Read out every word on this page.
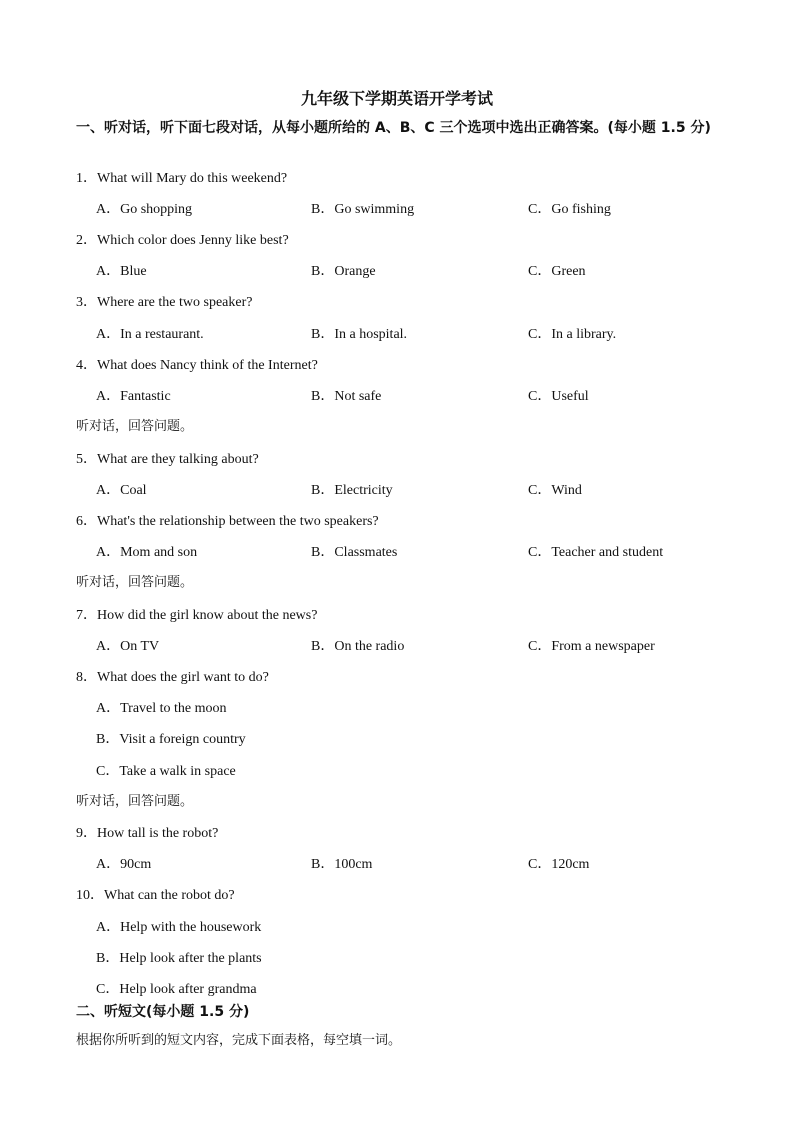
九年级下学期英语开学考试
一、听对话，听下面七段对话，从每小题所给的 A、B、C 三个选项中选出正确答案。(每小题 1.5 分)
1．What will Mary do this weekend?
A．Go shopping	B．Go swimming	C．Go fishing
2．Which color does Jenny like best?
A．Blue	B．Orange	C．Green
3．Where are the two speaker?
A．In a restaurant.	B．In a hospital.	C．In a library.
4．What does Nancy think of the Internet?
A．Fantastic	B．Not safe	C．Useful
听对话，回答问题。
5．What are they talking about?
A．Coal	B．Electricity	C．Wind
6．What's the relationship between the two speakers?
A．Mom and son	B．Classmates	C．Teacher and student
听对话，回答问题。
7．How did the girl know about the news?
A．On TV	B．On the radio	C．From a newspaper
8．What does the girl want to do?
A．Travel to the moon
B．Visit a foreign country
C．Take a walk in space
听对话，回答问题。
9．How tall is the robot?
A．90cm	B．100cm	C．120cm
10．What can the robot do?
A．Help with the housework
B．Help look after the plants
C．Help look after grandma
二、听短文(每小题 1.5 分)
根据你所听到的短文内容，完成下面表格，每空填一词。
